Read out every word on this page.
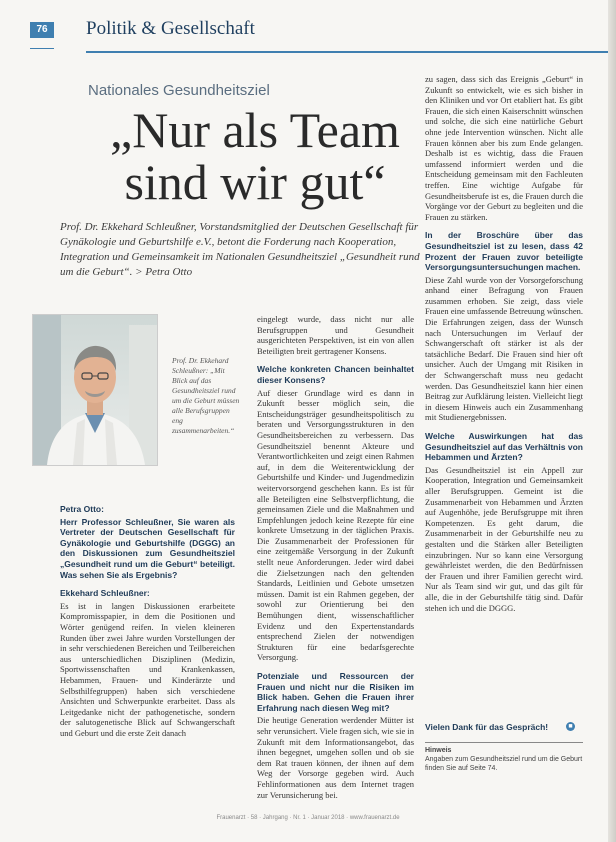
76	Politik & Gesellschaft
Nationales Gesundheitsziel
„Nur als Team
sind wir gut“
Prof. Dr. Ekkehard Schleußner, Vorstandsmitglied der Deutschen Gesellschaft für Gynäkologie und Geburtshilfe e.V., betont die Forderung nach Kooperation, Integration und Gemeinsamkeit im Nationalen Gesundheitsziel „Gesundheit rund um die Geburt“. > Petra Otto
Prof. Dr. Ekkehard Schleußner: „Mit Blick auf das Gesundheitsziel rund um die Geburt müssen alle Berufsgruppen eng zusammenarbeiten.“
Petra Otto:
Herr Professor Schleußner, Sie waren als Vertreter der Deutschen Gesellschaft für Gynäkologie und Geburtshilfe (DGGG) an den Diskussionen zum Gesundheitsziel „Gesundheit rund um die Geburt“ beteiligt. Was sehen Sie als Ergebnis?
Ekkehard Schleußner:
Es ist in langen Diskussionen erarbeitete Kompromisspapier, in dem die Positionen und Wörter genügend reifen. In vielen kleineren Runden über zwei Jahre wurden Vorstellungen der in sehr verschiedenen Bereichen und Teilbereichen aus unterschiedlichen Disziplinen (Medizin, Sportwissenschaften und Krankenkassen, Hebammen, Frauen- und Kinderärzte und Selbsthilfegruppen) haben sich verschiedene Ansichten und Schwerpunkte erarbeitet. Dass als Leitgedanke nicht der pathogenetische, sondern der salutogenetische Blick auf Schwangerschaft und Geburt und die erste Zeit danach
eingelegt wurde, dass nicht nur alle Berufsgruppen und Gesundheit ausgerichteten Perspektiven, ist ein von allen Beteiligten breit gertragener Konsens.
Welche konkreten Chancen beinhaltet dieser Konsens?
Auf dieser Grundlage wird es dann in Zukunft besser möglich sein, die Entscheidungsträger gesundheitspolitisch zu beraten und Versorgungsstrukturen in den Gesundheitsbereichen zu verbessern. Das Gesundheitsziel benennt Akteure und Verantwortlichkeiten und zeigt einen Rahmen auf, in dem die Weiterentwicklung der Geburtshilfe und Kinder- und Jugendmedizin weitervorsorgend geschehen kann. Es ist für alle Beteiligten eine Selbstverpflichtung, die gemeinsamen Ziele und die Maßnahmen und Empfehlungen jedoch keine Rezepte für eine konkrete Umsetzung in der täglichen Praxis. Die Zusammenarbeit der Professionen für eine zeitgemäße Versorgung in der Zukunft stellt neue Anforderungen. Jeder wird dabei die Zielsetzungen nach den geltenden Standards, Leitlinien und Gebote umsetzen müssen. Damit ist ein Rahmen gegeben, der sowohl zur Orientierung bei den Bemühungen dient, wissenschaftlicher Evidenz und den Expertenstandards entsprechend Zielen der notwendigen Strukturen für eine bedarfsgerechte Versorgung.
Potenziale und Ressourcen der Frauen und nicht nur die Risiken im Blick haben. Gehen die Frauen ihrer Erfahrung nach diesen Weg mit?
Die heutige Generation werdender Mütter ist sehr verunsichert. Viele fragen sich, wie sie in Zukunft mit dem Informationsangebot, das ihnen begegnet, umgehen sollen und ob sie dem Rat trauen können, der ihnen auf dem Weg der Vorsorge gegeben wird. Auch Fehlinformationen aus dem Internet tragen zur Verunsicherung bei.
zu sagen, dass sich das Ereignis „Geburt“ in Zukunft so entwickelt, wie es sich bisher in den Kliniken und vor Ort etabliert hat. Es gibt Frauen, die sich einen Kaiserschnitt wünschen und solche, die sich eine natürliche Geburt ohne jede Intervention wünschen. Nicht alle Frauen können aber bis zum Ende gelangen. Deshalb ist es wichtig, dass die Frauen umfassend informiert werden und die Entscheidung gemeinsam mit den Fachleuten treffen. Eine wichtige Aufgabe für Gesundheitsberufe ist es, die Frauen durch die Vorgänge vor der Geburt zu begleiten und die Frauen zu stärken.
In der Broschüre über das Gesundheitsziel ist zu lesen, dass 42 Prozent der Frauen zuvor beteiligte Versorgungsuntersuchungen machen.
Diese Zahl wurde von der Vorsorgeforschung anhand einer Befragung von Frauen zusammen erhoben. Sie zeigt, dass viele Frauen eine umfassende Betreuung wünschen. Die Erfahrungen zeigen, dass der Wunsch nach Untersuchungen im Verlauf der Schwangerschaft oft stärker ist als der tatsächliche Bedarf. Die Frauen sind hier oft unsicher. Auch der Umgang mit Risiken in der Schwangerschaft muss neu gedacht werden. Das Gesundheitsziel kann hier einen Beitrag zur Aufklärung leisten. Vielleicht liegt in diesem Hinweis auch ein Zusammenhang mit Studienergebnissen.
Welche Auswirkungen hat das Gesundheitsziel auf das Verhältnis von Hebammen und Ärzten?
Das Gesundheitsziel ist ein Appell zur Kooperation, Integration und Gemeinsamkeit aller Berufsgruppen. Gemeint ist die Zusammenarbeit von Hebammen und Ärzten auf Augenhöhe, jede Berufsgruppe mit ihren Kompetenzen. Es geht darum, die Zusammenarbeit in der Geburtshilfe neu zu gestalten und die Stärken aller Beteiligten einzubringen. Nur so kann eine Versorgung gewährleistet werden, die den Bedürfnissen der Frauen und ihrer Familien gerecht wird. Nur als Team sind wir gut, und das gilt für alle, die in der Geburtshilfe tätig sind. Dafür stehen ich und die DGGG.
Vielen Dank für das Gespräch!	■
Hinweis
Angaben zum Gesundheitsziel rund um die Geburt finden Sie auf Seite 74.
Frauenarzt · 58 · Jahrgang · Nr. 1 · Januar 2018 · www.frauenarzt.de
